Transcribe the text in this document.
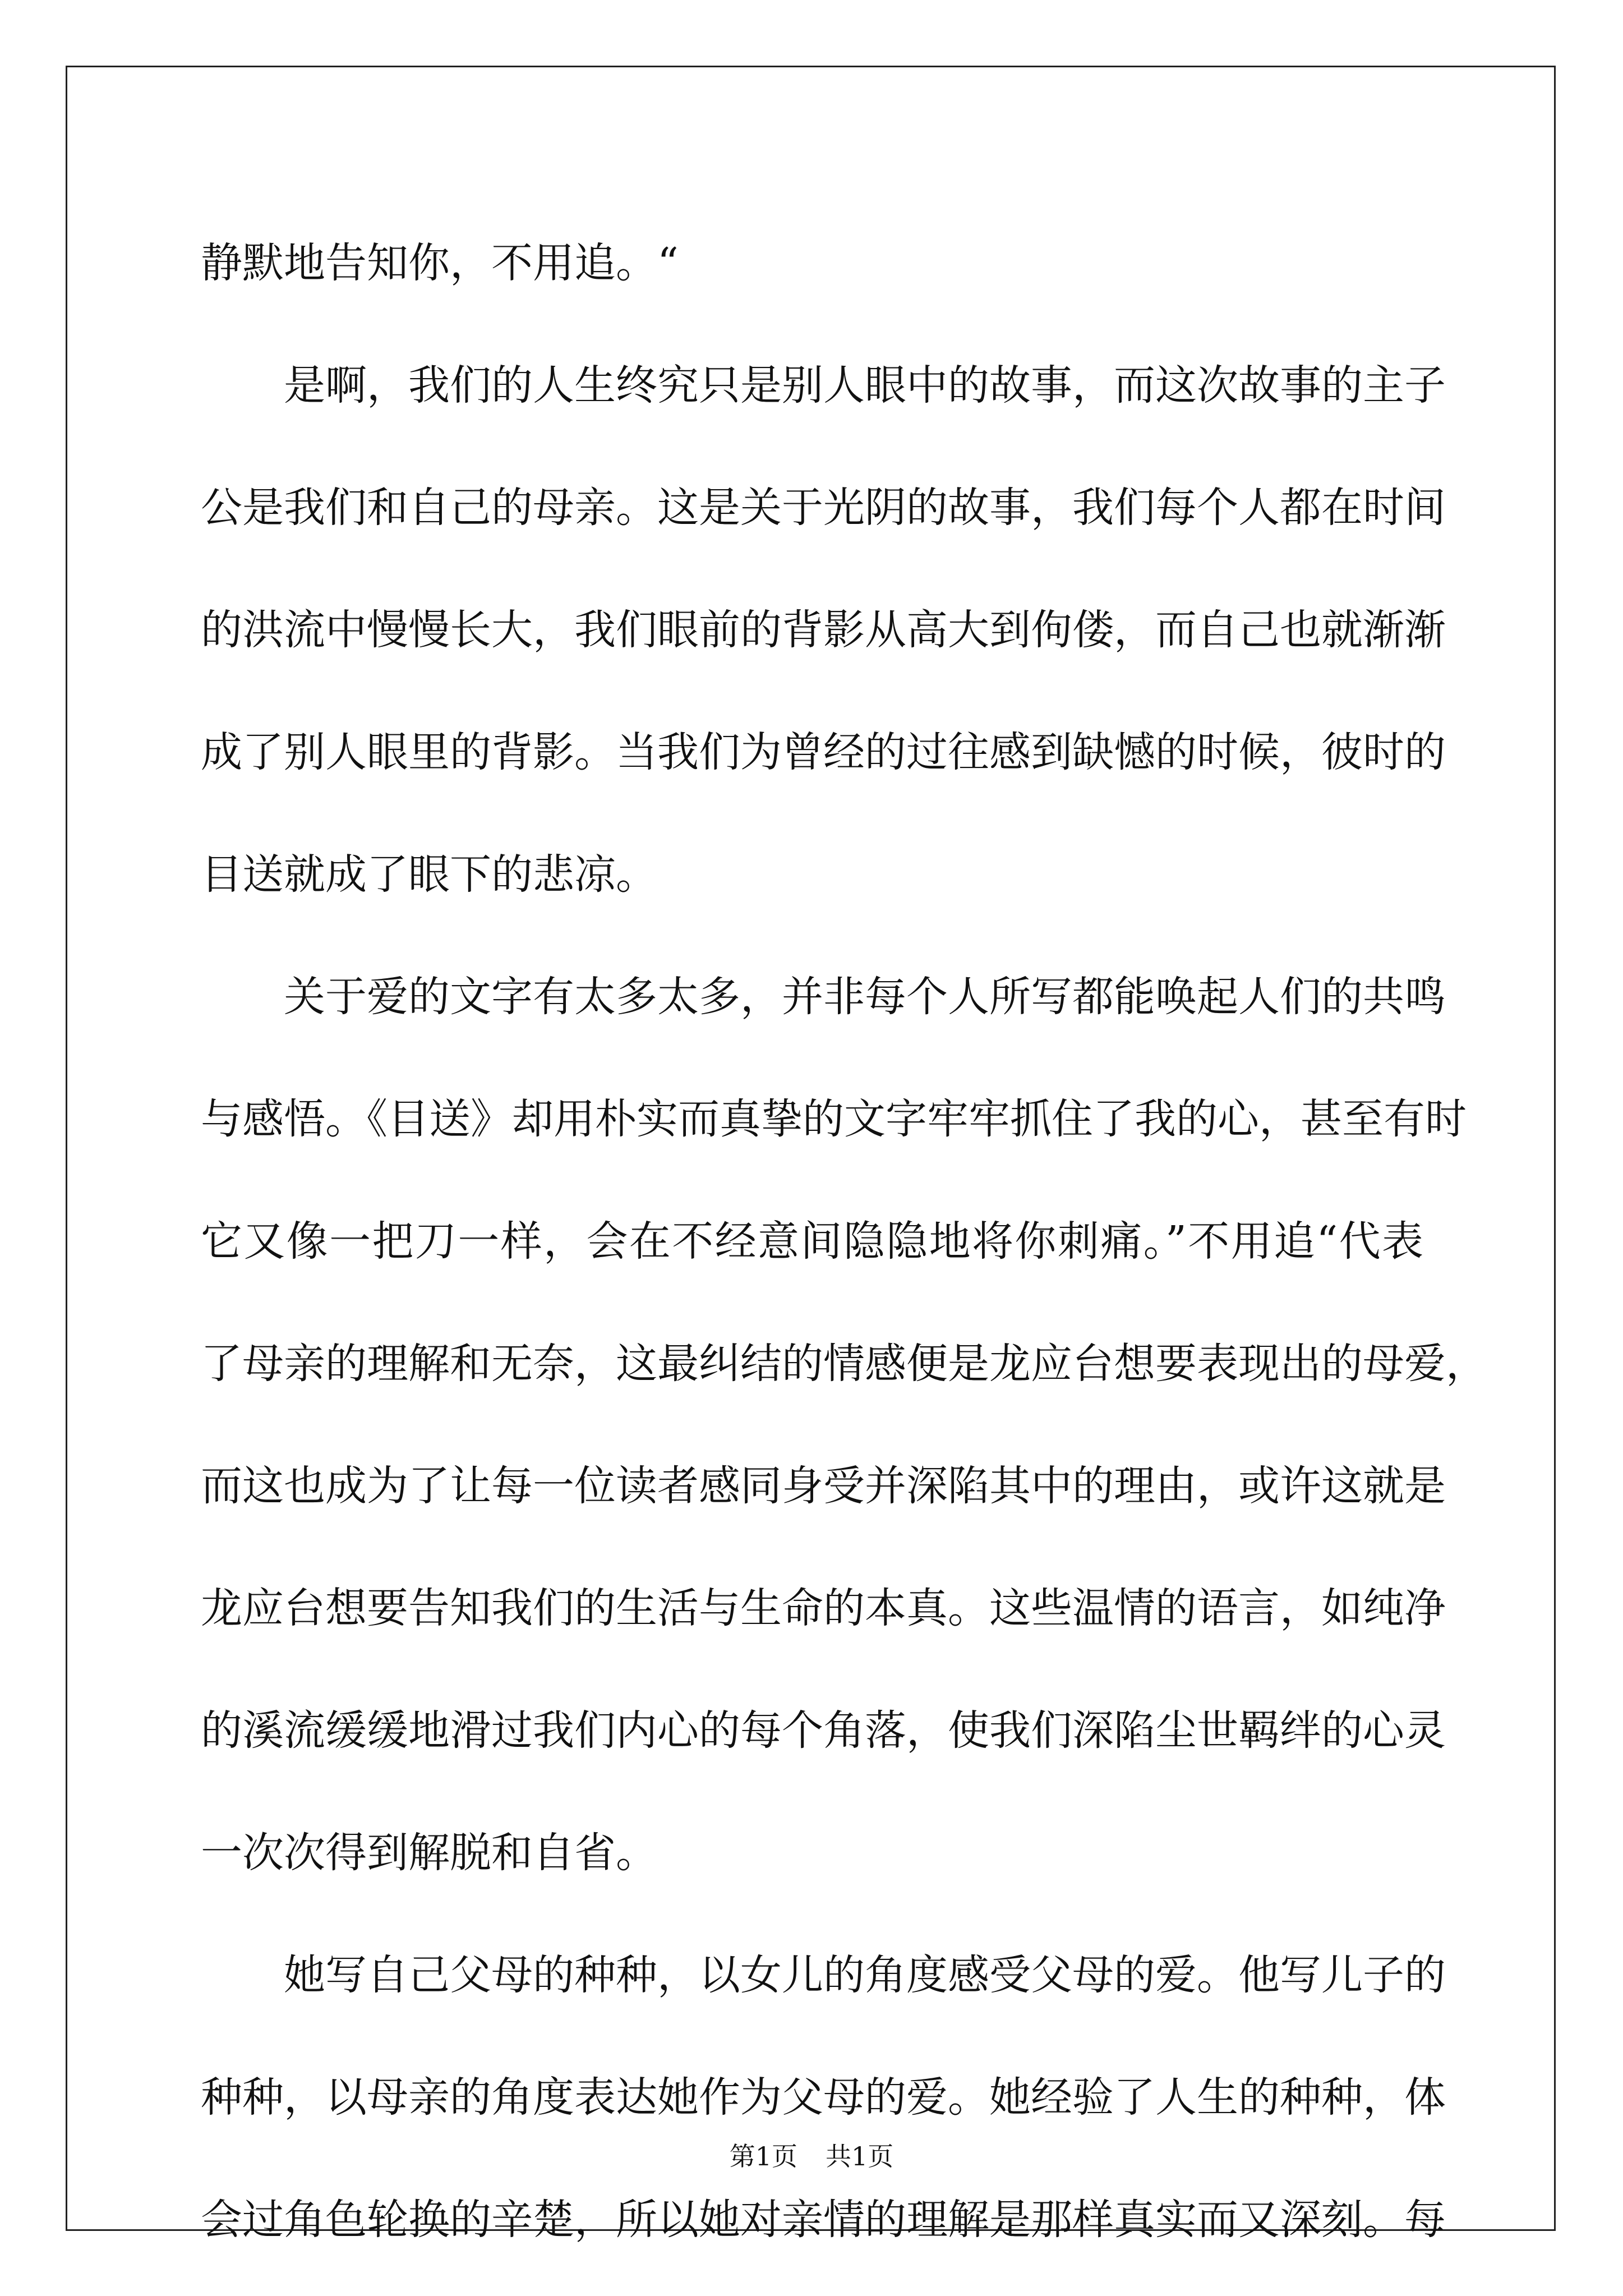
静默地告知你，不用追。“
是啊，我们的人生终究只是别人眼中的故事，而这次故事的主子
公是我们和自己的母亲。这是关于光阴的故事，我们每个人都在时间
的洪流中慢慢长大，我们眼前的背影从高大到佝偻，而自己也就渐渐
成了别人眼里的背影。当我们为曾经的过往感到缺憾的时候，彼时的
目送就成了眼下的悲凉。
关于爱的文字有太多太多，并非每个人所写都能唤起人们的共鸣
与感悟。《目送》却用朴实而真挚的文字牢牢抓住了我的心，甚至有时
它又像一把刀一样，会在不经意间隐隐地将你刺痛。”不用追“代表
了母亲的理解和无奈，这最纠结的情感便是龙应台想要表现出的母爱，
而这也成为了让每一位读者感同身受并深陷其中的理由，或许这就是
龙应台想要告知我们的生活与生命的本真。这些温情的语言，如纯净
的溪流缓缓地滑过我们内心的每个角落，使我们深陷尘世羁绊的心灵
一次次得到解脱和自省。
她写自己父母的种种，以女儿的角度感受父母的爱。他写儿子的
种种，以母亲的角度表达她作为父母的爱。她经验了人生的种种，体
会过角色轮换的辛楚，所以她对亲情的理解是那样真实而又深刻。每
第1页 共1页
